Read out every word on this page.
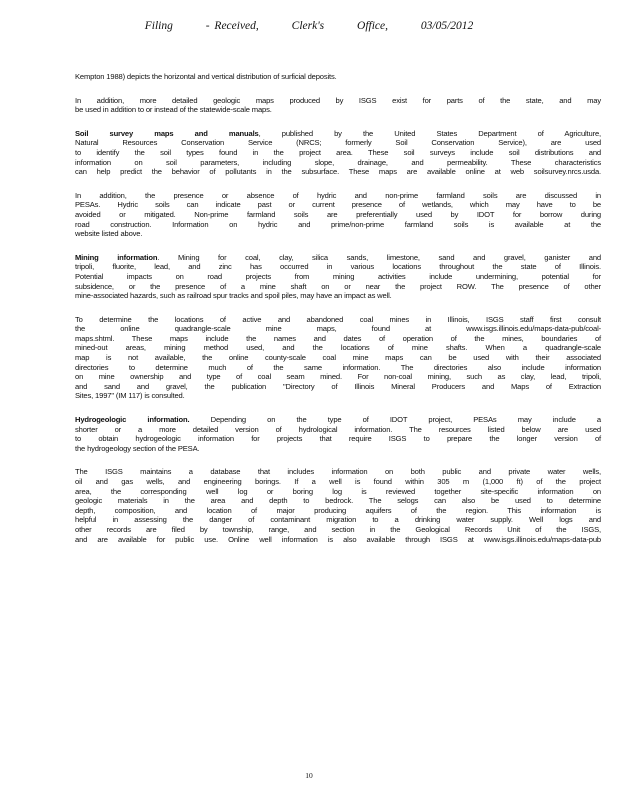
Filing	- Received,	Clerk's	Office,	03/05/2012
Kempton 1988) depicts the horizontal and vertical distribution of surficial deposits.
In addition, more detailed geologic maps produced by ISGS exist for parts of the state, and may
be used in addition to or instead of the statewide-scale maps.
Soil survey maps and manuals, published by the United States Department of Agriculture,
Natural Resources Conservation Service (NRCS; formerly Soil Conservation Service), are used
to identify the soil types found in the project area. These soil surveys include soil distributions and
information on soil parameters, including slope, drainage, and permeability. These characteristics
can help predict the behavior of pollutants in the subsurface. These maps are available online at web soilsurvey.nrcs.usda.
In addition, the presence or absence of hydric and non-prime farmland soils are discussed in
PESAs. Hydric soils can indicate past or current presence of wetlands, which may have to be
avoided or mitigated. Non-prime farmland soils are preferentially used by IDOT for borrow during
road construction. Information on hydric and prime/non-prime farmland soils is available at the
website listed above.
Mining information. Mining for coal, clay, silica sands, limestone, sand and gravel, ganister and
tripoli, fluorite, lead, and zinc has occurred in various locations throughout the state of Illinois.
Potential impacts on road projects from mining activities include undermining, potential for
subsidence, or the presence of a mine shaft on or near the project ROW. The presence of other
mine-associated hazards, such as railroad spur tracks and spoil piles, may have an impact as well.
To determine the locations of active and abandoned coal mines in Illinois, ISGS staff first consult
the online quadrangle-scale mine maps, found at www.isgs.illinois.edu/maps-data-pub/coal-
maps.shtml. These maps include the names and dates of operation of the mines, boundaries of
mined-out areas, mining method used, and the locations of mine shafts. When a quadrangle-scale
map is not available, the online county-scale coal mine maps can be used with their associated
directories to determine much of the same information. The directories also include information
on mine ownership and type of coal seam mined. For non-coal mining, such as clay, lead, tripoli,
and sand and gravel, the publication "Directory of Illinois Mineral Producers and Maps of Extraction
Sites, 1997" (IM 117) is consulted.
Hydrogeologic information. Depending on the type of IDOT project, PESAs may include a
shorter or a more detailed version of hydrological information. The resources listed below are used
to obtain hydrogeologic information for projects that require ISGS to prepare the longer version of
the hydrogeology section of the PESA.
The ISGS maintains a database that includes information on both public and private water wells,
oil and gas wells, and engineering borings. If a well is found within 305 m (1,000 ft) of the project
area, the corresponding well log or boring log is reviewed together site-specific information on
geologic materials in the area and depth to bedrock. The selogs can also be used to determine
depth, composition, and location of major producing aquifers of the region. This information is
helpful in assessing the danger of contaminant migration to a drinking water supply. Well logs and
other records are filed by township, range, and section in the Geological Records Unit of the ISGS,
and are available for public use. Online well information is also available through ISGS at www.isgs.illinois.edu/maps-data-pub
10
